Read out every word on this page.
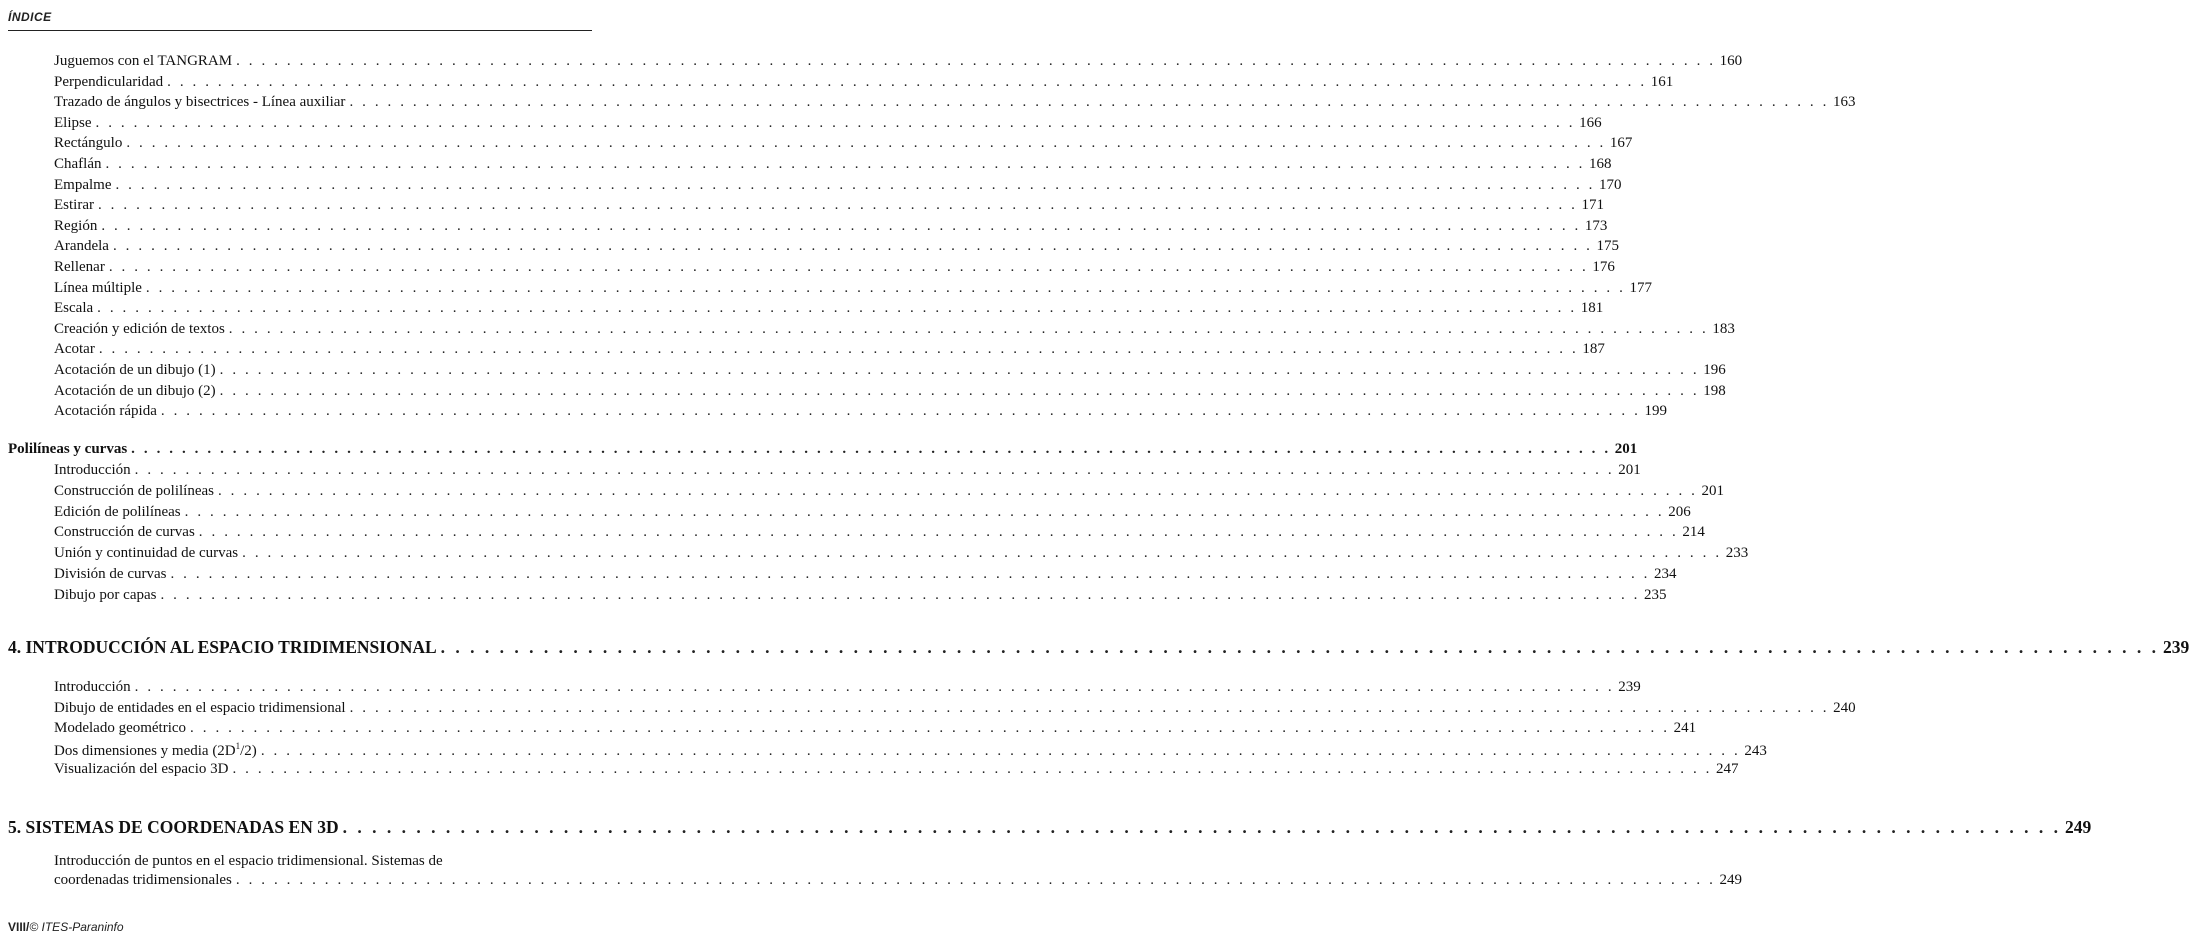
ÍNDICE
Juguemos con el TANGRAM . . . . . . . . . . . . . . . . . . . . . . . . . . . . . . . . . . . . . . . . . . . . . . . . . . . . . . . . . . . . . . . . . . . . . . . . . . . . . . . . . . . . . . . . . . . . . . . . . . . . . . . . . . . . . . . . . . . . . 160
Perpendicularidad . . . . . . . . . . . . . . . . . . . . . . . . . . . . . . . . . . . . . . . . . . . . . . . . . . . . . . . . . . . . . . . . . . . . . . . . . . . . . . . . . . . . . . . . . . . . . . . . . . . . . . . . . . . . . . . . . . . . . 161
Trazado de ángulos y bisectrices - Línea auxiliar . . . . . . . . . . . . . . . . . . . . . . . . . . . . . . . . . . . . . . . . . . . . . . . . . . . . . . . . . . . . . . . . . . . . . . . . . . . . . . . . . . . . . . . . . . . . . . . . . . . . . . . . . . . . . . . . . . . . . 163
Elipse . . . . . . . . . . . . . . . . . . . . . . . . . . . . . . . . . . . . . . . . . . . . . . . . . . . . . . . . . . . . . . . . . . . . . . . . . . . . . . . . . . . . . . . . . . . . . . . . . . . . . . . . . . . . . . . . . . . . . 166
Rectángulo . . . . . . . . . . . . . . . . . . . . . . . . . . . . . . . . . . . . . . . . . . . . . . . . . . . . . . . . . . . . . . . . . . . . . . . . . . . . . . . . . . . . . . . . . . . . . . . . . . . . . . . . . . . . . . . . . . . . . 167
Chaflán . . . . . . . . . . . . . . . . . . . . . . . . . . . . . . . . . . . . . . . . . . . . . . . . . . . . . . . . . . . . . . . . . . . . . . . . . . . . . . . . . . . . . . . . . . . . . . . . . . . . . . . . . . . . . . . . . . . . . 168
Empalme . . . . . . . . . . . . . . . . . . . . . . . . . . . . . . . . . . . . . . . . . . . . . . . . . . . . . . . . . . . . . . . . . . . . . . . . . . . . . . . . . . . . . . . . . . . . . . . . . . . . . . . . . . . . . . . . . . . . . 170
Estirar . . . . . . . . . . . . . . . . . . . . . . . . . . . . . . . . . . . . . . . . . . . . . . . . . . . . . . . . . . . . . . . . . . . . . . . . . . . . . . . . . . . . . . . . . . . . . . . . . . . . . . . . . . . . . . . . . . . . . 171
Región . . . . . . . . . . . . . . . . . . . . . . . . . . . . . . . . . . . . . . . . . . . . . . . . . . . . . . . . . . . . . . . . . . . . . . . . . . . . . . . . . . . . . . . . . . . . . . . . . . . . . . . . . . . . . . . . . . . . . 173
Arandela . . . . . . . . . . . . . . . . . . . . . . . . . . . . . . . . . . . . . . . . . . . . . . . . . . . . . . . . . . . . . . . . . . . . . . . . . . . . . . . . . . . . . . . . . . . . . . . . . . . . . . . . . . . . . . . . . . . . . 175
Rellenar . . . . . . . . . . . . . . . . . . . . . . . . . . . . . . . . . . . . . . . . . . . . . . . . . . . . . . . . . . . . . . . . . . . . . . . . . . . . . . . . . . . . . . . . . . . . . . . . . . . . . . . . . . . . . . . . . . . . . 176
Línea múltiple . . . . . . . . . . . . . . . . . . . . . . . . . . . . . . . . . . . . . . . . . . . . . . . . . . . . . . . . . . . . . . . . . . . . . . . . . . . . . . . . . . . . . . . . . . . . . . . . . . . . . . . . . . . . . . . . . . . . . 177
Escala . . . . . . . . . . . . . . . . . . . . . . . . . . . . . . . . . . . . . . . . . . . . . . . . . . . . . . . . . . . . . . . . . . . . . . . . . . . . . . . . . . . . . . . . . . . . . . . . . . . . . . . . . . . . . . . . . . . . . 181
Creación y edición de textos . . . . . . . . . . . . . . . . . . . . . . . . . . . . . . . . . . . . . . . . . . . . . . . . . . . . . . . . . . . . . . . . . . . . . . . . . . . . . . . . . . . . . . . . . . . . . . . . . . . . . . . . . . . . . . . . . . . . . 183
Acotar . . . . . . . . . . . . . . . . . . . . . . . . . . . . . . . . . . . . . . . . . . . . . . . . . . . . . . . . . . . . . . . . . . . . . . . . . . . . . . . . . . . . . . . . . . . . . . . . . . . . . . . . . . . . . . . . . . . . . 187
Acotación de un dibujo (1) . . . . . . . . . . . . . . . . . . . . . . . . . . . . . . . . . . . . . . . . . . . . . . . . . . . . . . . . . . . . . . . . . . . . . . . . . . . . . . . . . . . . . . . . . . . . . . . . . . . . . . . . . . . . . . . . . . . . . 196
Acotación de un dibujo (2) . . . . . . . . . . . . . . . . . . . . . . . . . . . . . . . . . . . . . . . . . . . . . . . . . . . . . . . . . . . . . . . . . . . . . . . . . . . . . . . . . . . . . . . . . . . . . . . . . . . . . . . . . . . . . . . . . . . . . 198
Acotación rápida . . . . . . . . . . . . . . . . . . . . . . . . . . . . . . . . . . . . . . . . . . . . . . . . . . . . . . . . . . . . . . . . . . . . . . . . . . . . . . . . . . . . . . . . . . . . . . . . . . . . . . . . . . . . . . . . . . . . . 199
Polilíneas y curvas . . . . . . . . . . . . . . . . . . . . . . . . . . . . . . . . . . . . . . . . . . . . . . . . . . . . . . . . . . . . . . . . . . . . . . . . . . . . . . . . . . . . . . . . . . . . . . . . . . . . . . . . . . . . . . . . . . . . . 201
Introducción . . . . . . . . . . . . . . . . . . . . . . . . . . . . . . . . . . . . . . . . . . . . . . . . . . . . . . . . . . . . . . . . . . . . . . . . . . . . . . . . . . . . . . . . . . . . . . . . . . . . . . . . . . . . . . . . . . . . . 201
Construcción de polilíneas . . . . . . . . . . . . . . . . . . . . . . . . . . . . . . . . . . . . . . . . . . . . . . . . . . . . . . . . . . . . . . . . . . . . . . . . . . . . . . . . . . . . . . . . . . . . . . . . . . . . . . . . . . . . . . . . . . . . . 201
Edición de polilíneas . . . . . . . . . . . . . . . . . . . . . . . . . . . . . . . . . . . . . . . . . . . . . . . . . . . . . . . . . . . . . . . . . . . . . . . . . . . . . . . . . . . . . . . . . . . . . . . . . . . . . . . . . . . . . . . . . . . . . 206
Construcción de curvas . . . . . . . . . . . . . . . . . . . . . . . . . . . . . . . . . . . . . . . . . . . . . . . . . . . . . . . . . . . . . . . . . . . . . . . . . . . . . . . . . . . . . . . . . . . . . . . . . . . . . . . . . . . . . . . . . . . . . 214
Unión y continuidad de curvas . . . . . . . . . . . . . . . . . . . . . . . . . . . . . . . . . . . . . . . . . . . . . . . . . . . . . . . . . . . . . . . . . . . . . . . . . . . . . . . . . . . . . . . . . . . . . . . . . . . . . . . . . . . . . . . . . . . . . 233
División de curvas . . . . . . . . . . . . . . . . . . . . . . . . . . . . . . . . . . . . . . . . . . . . . . . . . . . . . . . . . . . . . . . . . . . . . . . . . . . . . . . . . . . . . . . . . . . . . . . . . . . . . . . . . . . . . . . . . . . . . 234
Dibujo por capas . . . . . . . . . . . . . . . . . . . . . . . . . . . . . . . . . . . . . . . . . . . . . . . . . . . . . . . . . . . . . . . . . . . . . . . . . . . . . . . . . . . . . . . . . . . . . . . . . . . . . . . . . . . . . . . . . . . . . 235
4. INTRODUCCIÓN AL ESPACIO TRIDIMENSIONAL . . . . . . . . . . . . . . . . . . . . . . . . . . . . . . . . . . . . . . . . . . . . . . . . . . . . . . . . . . . . . . . . . . . . . . . . . . . . . . . . . . . . . . . . . . . . . . . . . . . . . . . . . . . . . . . . . . . . . 239
Introducción . . . . . . . . . . . . . . . . . . . . . . . . . . . . . . . . . . . . . . . . . . . . . . . . . . . . . . . . . . . . . . . . . . . . . . . . . . . . . . . . . . . . . . . . . . . . . . . . . . . . . . . . . . . . . . . . . . . . . 239
Dibujo de entidades en el espacio tridimensional . . . . . . . . . . . . . . . . . . . . . . . . . . . . . . . . . . . . . . . . . . . . . . . . . . . . . . . . . . . . . . . . . . . . . . . . . . . . . . . . . . . . . . . . . . . . . . . . . . . . . . . . . . . . . . . . . . . . . 240
Modelado geométrico . . . . . . . . . . . . . . . . . . . . . . . . . . . . . . . . . . . . . . . . . . . . . . . . . . . . . . . . . . . . . . . . . . . . . . . . . . . . . . . . . . . . . . . . . . . . . . . . . . . . . . . . . . . . . . . . . . . . . 241
Dos dimensiones y media $(2D^1/2)$ . . . . . . . . . . . . . . . . . . . . . . . . . . . . . . . . . . . . . . . . . . . . . . . . . . . . . . . . . . . . . . . . . . . . . . . . . . . . . . . . . . . . . . . . . . . . . . . . . . . . . . . . . . . . . . . . . . . . . 243
Visualización del espacio 3D . . . . . . . . . . . . . . . . . . . . . . . . . . . . . . . . . . . . . . . . . . . . . . . . . . . . . . . . . . . . . . . . . . . . . . . . . . . . . . . . . . . . . . . . . . . . . . . . . . . . . . . . . . . . . . . . . . . . . 247
5. SISTEMAS DE COORDENADAS EN 3D . . . . . . . . . . . . . . . . . . . . . . . . . . . . . . . . . . . . . . . . . . . . . . . . . . . . . . . . . . . . . . . . . . . . . . . . . . . . . . . . . . . . . . . . . . . . . . . . . . . . . . . . . . . . . . . . . . . . . 249
Introducción de puntos en el espacio tridimensional. Sistemas de
coordenadas tridimensionales . . . . . . . . . . . . . . . . . . . . . . . . . . . . . . . . . . . . . . . . . . . . . . . . . . . . . . . . . . . . . . . . . . . . . . . . . . . . . . . . . . . . . . . . . . . . . . . . . . . . . . . . . . . . . . . . . . . . . 249
VIII/© ITES-Paraninfo
